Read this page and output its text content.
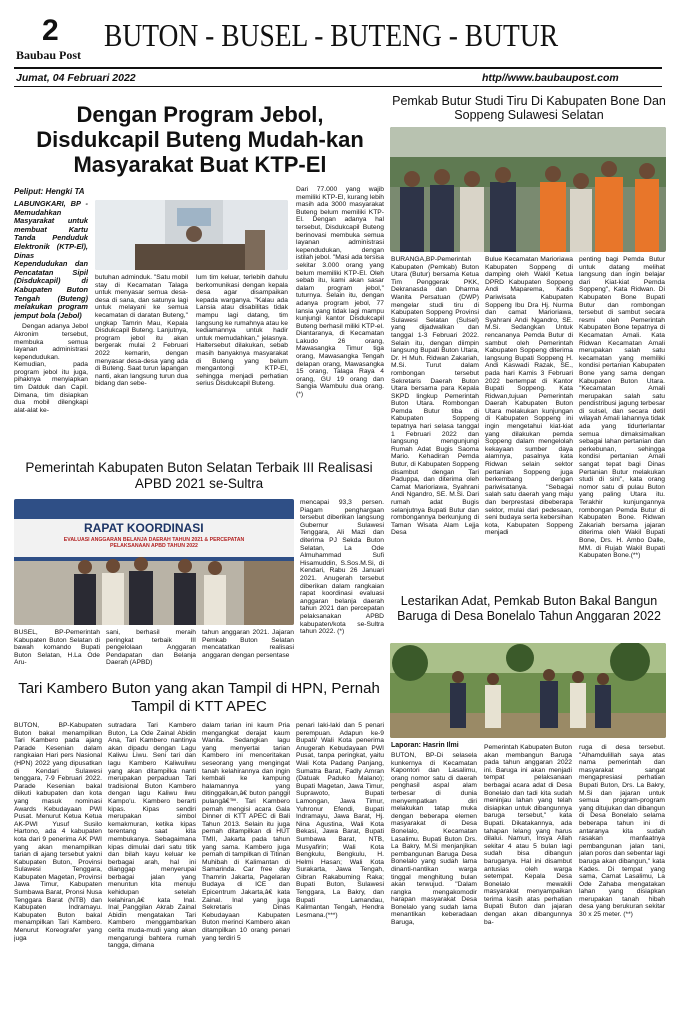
2
Baubau Post
BUTON - BUSEL - BUTENG - BUTUR
Jumat, 04 Februari 2022	http//www.baubaupost.com
Dengan Program Jebol, Disdukcapil Buteng Mudah-kan Masyarakat Buat KTP-El
Peliput: Hengki TA

LABUNGKARI, BP - Memudahkan Masyarakat untuk membuat Kartu Tanda Penduduk Elektronik (KTP-El), Dinas Kependudukan dan Pencatatan Sipil (Disdukcapil) di Kabupaten Buton Tengah (Buteng) melakukan program jemput bola (Jebol)

Dengan adanya Jebol Akronim tersebut, membuka semua layanan administrasi kependudukan. Kemudian, pada program jebol itu juga, pihaknya menyiapkan tim Datduk dan Capil. Dimana, tim disiapkan dua mobil dilengkapi alat-alat ke-

butuhan adminduk. "Satu mobil stay di Kecamatan Talaga untuk menyasar semua desa-desa di sana, dan satunya lagi untuk melayani ke semua kecamatan di daratan Buteng," ungkap Tamrin Mau, Kepala Disdukcapil Buteng. Lanjutnya, program jebol itu akan bergerak mulai 2 Februari 2022 kemarin, dengan menyasar desa-desa yang ada di Buteng. Saat turun lapangan nanti, akan langsung turun dua bidang dan sebe-

lum tim keluar, terlebih dahulu berkomunikasi dengan kepala desa agar disampaikan kepada warganya. "Kalau ada Lansia atau disabilitas tidak mampu lagi datang, tim langsung ke rumahnya atau ke kediamannya untuk hadir untuk memudahkan," jelasnya. Haltersebut dilakukan, sebab masih banyaknya masyarakat di Buteng yang belum mengantongi KTP-El, sehingga menjadi perhatian serius Disdukcapil Buteng.

Dari 77.000 yang wajib memiliki KTP-El, kurang lebih masih ada 3000 masyarakat Buteng belum memiliki KTP-El. Dengan adanya hal tersebut, Disdukcapil Buteng berinovasi membuka semua layanan administrasi kependudukan, dengan istilah jebol. "Masi ada tersisa sekitar 3.000 orang yang belum memiliki KTP-El. Oleh sebab itu, kami akan sasar dalam program jebol," tuturnya. Selain itu, dengan adanya program jebol, 77 lansia yang tidak lagi mampu kunjungi kantor Disdukcapil Buteng berhasil miliki KTP-el. Diantaranya, di Kecamatan Lakudo 26 orang, Mawasangka Timur tiga orang, Mawasangka Tengah delapan orang, Mawasangka 15 orang, Talaga Raya 4 orang, GU 19 orang dan Sangia Wambulu dua orang. (*)

Pemkab Butur Studi Tiru Di Kabupaten Bone Dan Soppeng Sulawesi Selatan

BURANGA,BP-Pemerintah Kabupaten (Pemkab) Buton Utara (Butur) bersama Ketua Tim Penggerak PKK, Dekranasda dan Dharma Wanita Persatuan (DWP) mengelar studi tiru di Kabupaten Soppeng Provinsi Sulawesi Selatan (Sulsel) yang dijadwalkan dan tanggal 1-3 Februari 2022. Selain itu, dengan diimpin langsung Bupati Buton Utara, Dr. H Muh. Ridwan Zakariah, M.Si. Turut dalam rombongan tersebut Sekretaris Daerah Buton Utara bersama para Kepala SKPD lingkup Pemerintah Buton Utara. Rombongan Pemda Butur tiba di Kabupaten Soppeng tepatnya hari selasa tanggal 1 Februari 2022 dan langsung mengunjungi Rumah Adat Bugis Saoma Mario. Kehadiran Pemda Butur, di Kabupaten Soppeng disambut dengan Tari Paduppa, dan diterima oleh Camat Marioriawa, Syahrani Andi Ngandro, SE. M.Si. Dari rumah adat Bugis selanjutnya Bupati Butur dan rombongannya berkunjung di Taman Wisata Alam Lejja Desa

Bulue Kecamatan Marioriawa Kabupaten Soppeng di damping oleh Wakil Ketua DPRD Kabupaten Soppeng Andi Maparema, Kadis Pariwisata Kabupaten Soppeng Ibu Dra Hj. Nurma dan camat Marioriawa, Syahrani Andi Ngandro, SE. M.Si. Sedangkan Untuk rencananya Pemda Butur di sambut oleh Pemerintah Kabupaten Soppeng diterima langsung Bupati Soppeng H. Andi Kaswadi Razak, SE., pada hari Kamis 3 Februari 2022 bertempat di Kantor Bupati Soppeng. Kata Ridwan,tujuan Pemerintah Daerah Kabupaten Buton Utara melakukan kunjungan di Kabupaten Soppeng ini ingin mengetahui kiat-kiat yang dilakukan pemda Soppeng dalam mengelolah kekayaan sumber daya alamnya, pasalnya kata Ridwan selain sektor pertanian Soppeng juga berkembang dengan pariwisatanya. "Sebagai salah satu daerah yang maju dan berprestasi dibeberapa sektor, mulai dari pedesaan, seni budaya serta kebersihan kota, Kabupaten Soppeng menjadi

penting bagi Pemda Butur untuk datang melihat langsung dan ingin belajar dari Kiat-kiat Pemda Soppeng", Kata Ridwan. Di Kabupaten Bone Bupati Butur dan rombongan tersebut di sambut secara resmi oleh Pemerintah Kabupaten Bone tepatnya di Kecamatan Amali. Kata Ridwan Kecamatan Amali merupakan salah satu kecamatan yang memiliki kondisi pertanian Kabupaten Bone yang sama dengan Kabupaten Buton Utara. "Kecamatan Amali merupakan salah satu pendistribusi jagung terbesar di sulsel, dan secara detil wilayah Amali lahannya tidak ada yang tidurterlantar semua dimaksimalkan sebagai lahan pertanian dan perkebunan, sehingga kondisi pertanian Amali sangat tepat bagi Dinas Pertanian Butur melakukan studi di sini", kata orang nomor satu di pulau Buton yang paling Utara itu. Terakhir kunjungannya rombongan Pemda Butur di Kabupaten Bone. Ridwan Zakariah bersama jajaran diterima oleh Wakil Bupati Bone, Drs. H. Ambo Dalle, MM. di Rujab Wakil Bupati Kabupaten Bone.(**)

Pemerintah Kabupaten Buton Selatan Terbaik III Realisasi APBD 2021 se-Sultra
RAPAT KOORDINASI
EVALUASI ANGGARAN BELANJA DAERAH TAHUN 2021 & PERCEPATAN PELAKSANAAN APBD TAHUN 2022

BUSEL, BP-Pemerintah Kabupaten Buton Selatan di bawah komando Bupati Buton Selatan, H.La Ode Aru-

sani, berhasil meraih peringkat terbaik III pengelolaan Anggaran Pendapatan dan Belanja Daerah (APBD)

tahun anggaran 2021. Jajaran Pemkab Buton Selatan mencatatkan realisasi anggaran dengan persentase

mencapai 93,3 persen. Piagam penghargaan tersebut diberikan langsung Gubernur Sulawesi Tenggara, Ali Mazi dan diterima PJ Sekda Buton Selatan, La Ode Almuhammad Sufi Hisamuddin, S.Sos.M.Si, di Kendari, Rabu 26 Januari 2021. Anugerah tersebut diberikan dalam rangkaian rapat koordinasi evaluasi anggaran belanja daerah tahun 2021 dan percepatan pelaksanakan APBD kabupaten/kota se-Sultra tahun 2022. (*)

Tari Kambero Buton yang akan Tampil di HPN, Pernah Tampil di KTT APEC

BUTON, BP-Kabupaten Buton bakal menampilkan Tari Kambero pada ajang Parade Kesenian dalam rangkaian Hari pers Nasional (HPN) 2022 yang dipusatkan di Kendari Sulawesi tenggara, 7-9 Februari 2022. Parade Kesenian bakal diikuti kabupaten dan kota yang masuk nominasi Awards Kebudayaan PWI Pusat. Menurut Ketua Ketua AK-PWI Yusuf Susilo Hartono, ada 4 kabupaten kota dari 9 penerima AK PWI yang akan menampilkan tarian di ajang tersebut yakni Kabupaten Buton, Provinsi Sulawesi Tenggara, Kabupaten Magetan, Provinsi Jawa Timur, Kabupaten Sumbawa Barat, Pronsi Nusa Tenggara Barat (NTB) dan Kabupaten Indramayu. Kabupaten Buton bakal menampilkan Tari Kambero. Menurut Koreografer yang juga

sutradara Tari Kambero Buton, La Ode Zainal Abidin Ana, Tari Kambero nantinya akan dipadu dengan Lagu Kaliwu Liwu. Seni tari dan lagu Kambero Kaliwuliwu yang akan ditampilka nanti merupakan perpaduan Tari tradisional Buton Kambero dengan lagu Kaliwu liwu Kampo'u. Kambero berarti kipas. Kipas sendiri merupakan simbol kemakmuran, ketika kipas terentang saat kita membukanya. Sebagaimana kipas dimulai dari satu titik dan bilah kayu keluar ke berbagai arah, hal ini dianggap menyerupai berbagai jalan yang menuntun kita menuju kehidupan setelah kelahiran,â€ kata Inal. Inal_Panggilan Akrab Zainal Abidin mengatakan Tari Kambero menggambarkan cerita muda-mudi yang akan mengarungi bahtera rumah tangga, dimana

dalam tarian ini kaum Pria mengangkat derajat kaum Wanita. Sedangkan lagu yang menyertai tarian Kambero ini menceritakan seseorang yang mengingat tanah kelahirannya dan ingin kembali ke kampung halamannya yang ditinggalkan,â€ buton panggil pulangâ€™. Tari Kambero pernah mengisi acara Gala Dinner di KTT APEC di Bali Tahun 2013. Selain itu juga pernah ditampilkan di HUT TMII, Jakarta pada tahun yang sama. Kambero juga pernah di tampilkan di Titinan Muhibah di Kalimantan di Samarinda. Car free day Thamrin Jakarta, Pagelaran Budaya di ICE dan Epicentrum Jakarta,â€ kata Zainal. Inal yang juga Sekretaris Dinas Kebudayaan Kabupaten Buton merinci Kambero akan ditampilkan 10 orang penari yang terdiri 5

penari laki-laki dan 5 penari perempuan. Adapun ke-9 Bupati/ Wali Kota penerima Anugerah Kebudayaan PWI Pusat, tanpa peringkat, yaitu Wali Kota Padang Panjang, Sumatra Barat, Fadly Amran (Datuak Paduko Malano); Bupati Magetan, Jawa Timur, Suprawoto, Bupati Lamongan, Jawa Timur, Yuhronur Efendi, Bupati Indramayu, Jawa Barat, Hj. Nina Agustina, Wali Kota Bekasi, Jawa Barat, Bupati Sumbawa Barat, NTB, Musyafirin; Wali Kota Bengkulu, Bengkulu, H. Helmi Hasan; Wali Kota Surakarta, Jawa Tengah, Gibran Rakabuming Raka; Bupati Buton, Sulawesi Tenggara, La Bakry, dan Bupati Lamandau, Kalimantan Tengah, Hendra Lesmana.(***)

Lestarikan Adat, Pemkab Buton Bakal Bangun Baruga di Desa Bonelalo Tahun Anggaran 2022
Laporan: Hasrin Ilmi

BUTON, BP-Di selasela kunkernya di Kecamatan Kapontori dan Lasalimu, orang nomor satu di daerah penghasil aspal alam terbesar di dunia menyempatkan diri melakukan tatap muka dengan beberapa elemen masyarakat di Desa Bonelalo, Kecamatan Lasalimu. Bupati Buton Drs. La Bakry, M.Si menjanjikan pembangunan Baruga Desa Bonelalo yang sudah lama dinanti-nantikan warga tinggal menghitung bulan akan terwujud. "Dalam rangka mengakomodir harapan masyarakat Desa Bonelalo yang sudah lama menantikan keberadaan Baruga,

Pemerintah Kabupaten Buton akan membangun Baruga pada tahun anggaran 2022 ini. Baruga ini akan menjadi tempat pelaksanaan berbagai acara adat di Desa Bonelalo dan tadi kita sudah meninjau lahan yang telah disiapkan untuk dibangunnya baruga tersebut," kata Bupati. Dikatakannya, ada tahapan lelang yang harus dilalui. Namun, Insya Allah sekitar 4 atau 5 bulan lagi sudah bisa dibangun baruganya. Hal ini disambut antusias oleh warga setempat. Kepala Desa Bonelalo mewakili masyarakat menyampaikan terima kasih atas perhatian Bupati Buton dan jajaran dengan akan dibangunnya ba-

ruga di desa tersebut. "Alhamdulillah saya atas nama pemerintah dan masyarakat sangat mengapresiasi perhatian Bupati Buton, Drs. La Bakry, M.Si dan jajaran untuk semua program-program yang ditujukan dan dibangun di Desa Bonelalo selama beberapa tahun ini di antaranya kita sudah rasakan manfaatnya pembangunan jalan tani, jalan poros dan sebentar lagi baruga akan dibangun," kata Kades. Di tempat yang sama, Camat Lasalimu, La Ode Zahaba mengatakan lahan yang disiapkan merupakan tanah hibah desa yang berukuran sekitar 30 x 25 meter. (**)
